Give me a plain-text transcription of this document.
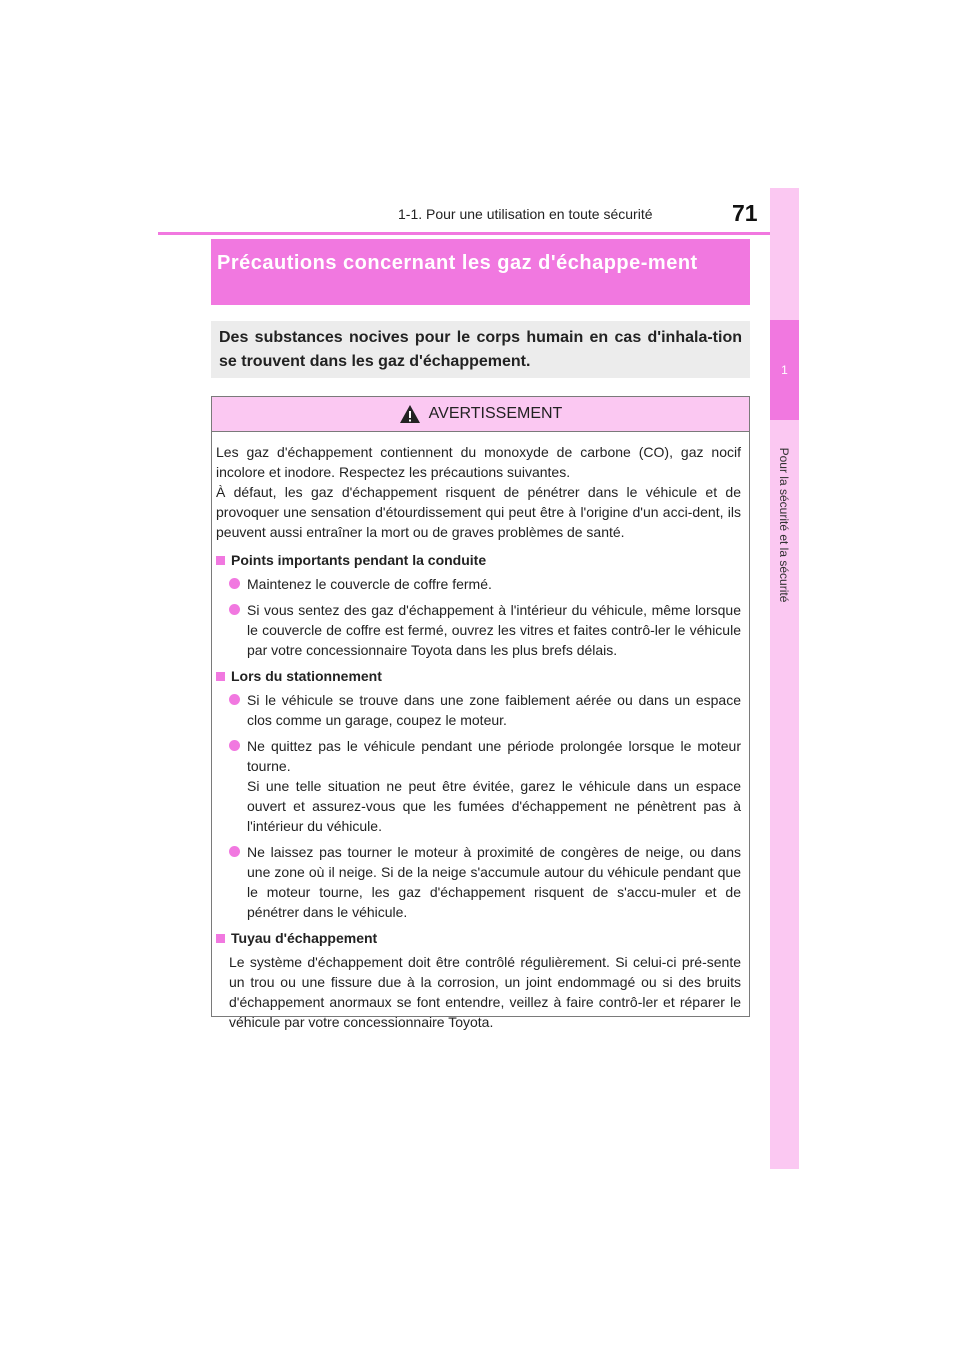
1-1. Pour une utilisation en toute sécurité	71
1
Pour la sécurité et la sécurité
Précautions concernant les gaz d'échappe-ment
Des substances nocives pour le corps humain en cas d'inhala-tion se trouvent dans les gaz d'échappement.
AVERTISSEMENT
Les gaz d'échappement contiennent du monoxyde de carbone (CO), gaz nocif incolore et inodore. Respectez les précautions suivantes.
À défaut, les gaz d'échappement risquent de pénétrer dans le véhicule et de provoquer une sensation d'étourdissement qui peut être à l'origine d'un acci-dent, ils peuvent aussi entraîner la mort ou de graves problèmes de santé.
Points importants pendant la conduite
Maintenez le couvercle de coffre fermé.
Si vous sentez des gaz d'échappement à l'intérieur du véhicule, même lorsque le couvercle de coffre est fermé, ouvrez les vitres et faites contrô-ler le véhicule par votre concessionnaire Toyota dans les plus brefs délais.
Lors du stationnement
Si le véhicule se trouve dans une zone faiblement aérée ou dans un espace clos comme un garage, coupez le moteur.
Ne quittez pas le véhicule pendant une période prolongée lorsque le moteur tourne.
Si une telle situation ne peut être évitée, garez le véhicule dans un espace ouvert et assurez-vous que les fumées d'échappement ne pénètrent pas à l'intérieur du véhicule.
Ne laissez pas tourner le moteur à proximité de congères de neige, ou dans une zone où il neige. Si de la neige s'accumule autour du véhicule pendant que le moteur tourne, les gaz d'échappement risquent de s'accu-muler et de pénétrer dans le véhicule.
Tuyau d'échappement
Le système d'échappement doit être contrôlé régulièrement. Si celui-ci pré-sente un trou ou une fissure due à la corrosion, un joint endommagé ou si des bruits d'échappement anormaux se font entendre, veillez à faire contrô-ler et réparer le véhicule par votre concessionnaire Toyota.
